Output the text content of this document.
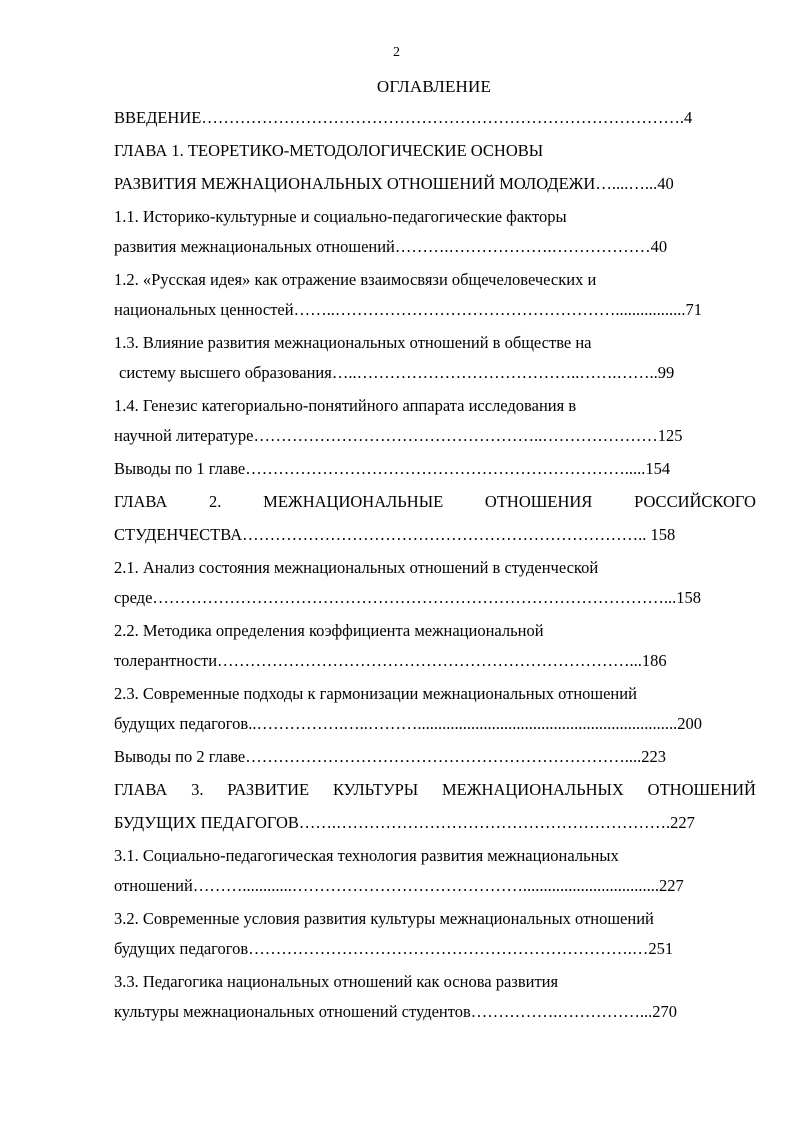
2
ОГЛАВЛЕНИЕ
ВВЕДЕНИЕ…………………………………………………………………………….4
ГЛАВА 1. ТЕОРЕТИКО-МЕТОДОЛОГИЧЕСКИЕ ОСНОВЫ
РАЗВИТИЯ МЕЖНАЦИОНАЛЬНЫХ ОТНОШЕНИЙ МОЛОДЕЖИ…....…...40
1.1. Историко-культурные и социально-педагогические факторы
развития межнациональных отношений……….……………….………………40
1.2. «Русская идея» как отражение взаимосвязи общечеловеческих и
национальных ценностей……..…………………………………………….................71
1.3. Влияние развития межнациональных отношений в обществе на
системy высшего образования…..…………………………………..…….……..99
1.4. Генезис категориально-понятийного аппарата исследования в
научной литературе……………………………………………..…………………125
Выводы по 1 главе…………………………………………………………….....154
ГЛАВА	2.	МЕЖНАЦИОНАЛЬНЫЕ	ОТНОШЕНИЯ	РОССИЙСКОГО
СТУДЕНЧЕСТВА……………………………………………………………….. 158
2.1. Анализ состояния межнациональных отношений в студенческой
среде…………………………………………………………………………………...158
2.2. Методика определения коэффициента межнациональной
толерантности…………………………………………………………………...186
2.3. Современные подходы к гармонизации межнациональных отношений
будущих педагогов..…………….…..………...............................................................200
Выводы по 2 главе……………………………………………………………....223
ГЛАВА 3. РАЗВИТИЕ КУЛЬТУРЫ МЕЖНАЦИОНАЛЬНЫХ ОТНОШЕНИЙ
БУДУЩИХ ПЕДАГОГОВ…….…………………………………………………….227
3.1. Социально-педагогическая технология развития межнациональных
отношений………............…………………………………….................................227
3.2. Современные условия развития культуры межнациональных отношений
будущих педагогов…………………………………………………………….…251
3.3. Педагогика национальных отношений как основа развития
культуры межнациональных отношений студентов…………….……………...270
